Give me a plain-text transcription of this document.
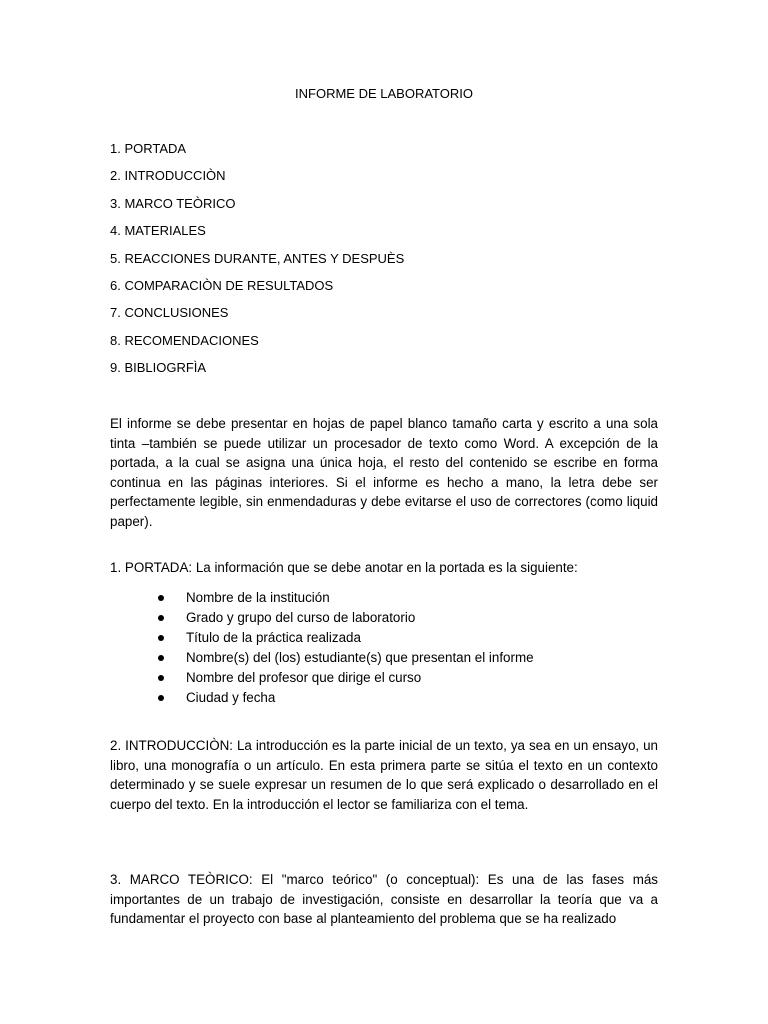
INFORME DE LABORATORIO
1. PORTADA
2. INTRODUCCIÒN
3. MARCO TEÒRICO
4. MATERIALES
5. REACCIONES DURANTE, ANTES Y DESPUÈS
6. COMPARACIÒN DE RESULTADOS
7. CONCLUSIONES
8. RECOMENDACIONES
9. BIBLIOGRFÌA

El informe se debe presentar en hojas de papel blanco tamaño carta y escrito a una sola tinta –también se puede utilizar un procesador de texto como Word. A excepción de la portada, a la cual se asigna una única hoja, el resto del contenido se escribe en forma continua en las páginas interiores. Si el informe es hecho a mano, la letra debe ser perfectamente legible, sin enmendaduras y debe evitarse el uso de correctores (como liquid paper).

1. PORTADA: La información que se debe anotar en la portada es la siguiente:

Nombre de la institución
Grado y grupo del curso de laboratorio
Título de la práctica realizada
Nombre(s) del (los) estudiante(s) que presentan el informe
Nombre del profesor que dirige el curso
Ciudad y fecha

2. INTRODUCCIÒN: La introducción es la parte inicial de un texto, ya sea en un ensayo, un libro, una monografía o un artículo. En esta primera parte se sitúa el texto en un contexto determinado y se suele expresar un resumen de lo que será explicado o desarrollado en el cuerpo del texto. En la introducción el lector se familiariza con el tema.

3. MARCO TEÒRICO: El "marco teórico" (o conceptual): Es una de las fases más importantes de un trabajo de investigación, consiste en desarrollar la teoría que va a fundamentar el proyecto con base al planteamiento del problema que se ha realizado
